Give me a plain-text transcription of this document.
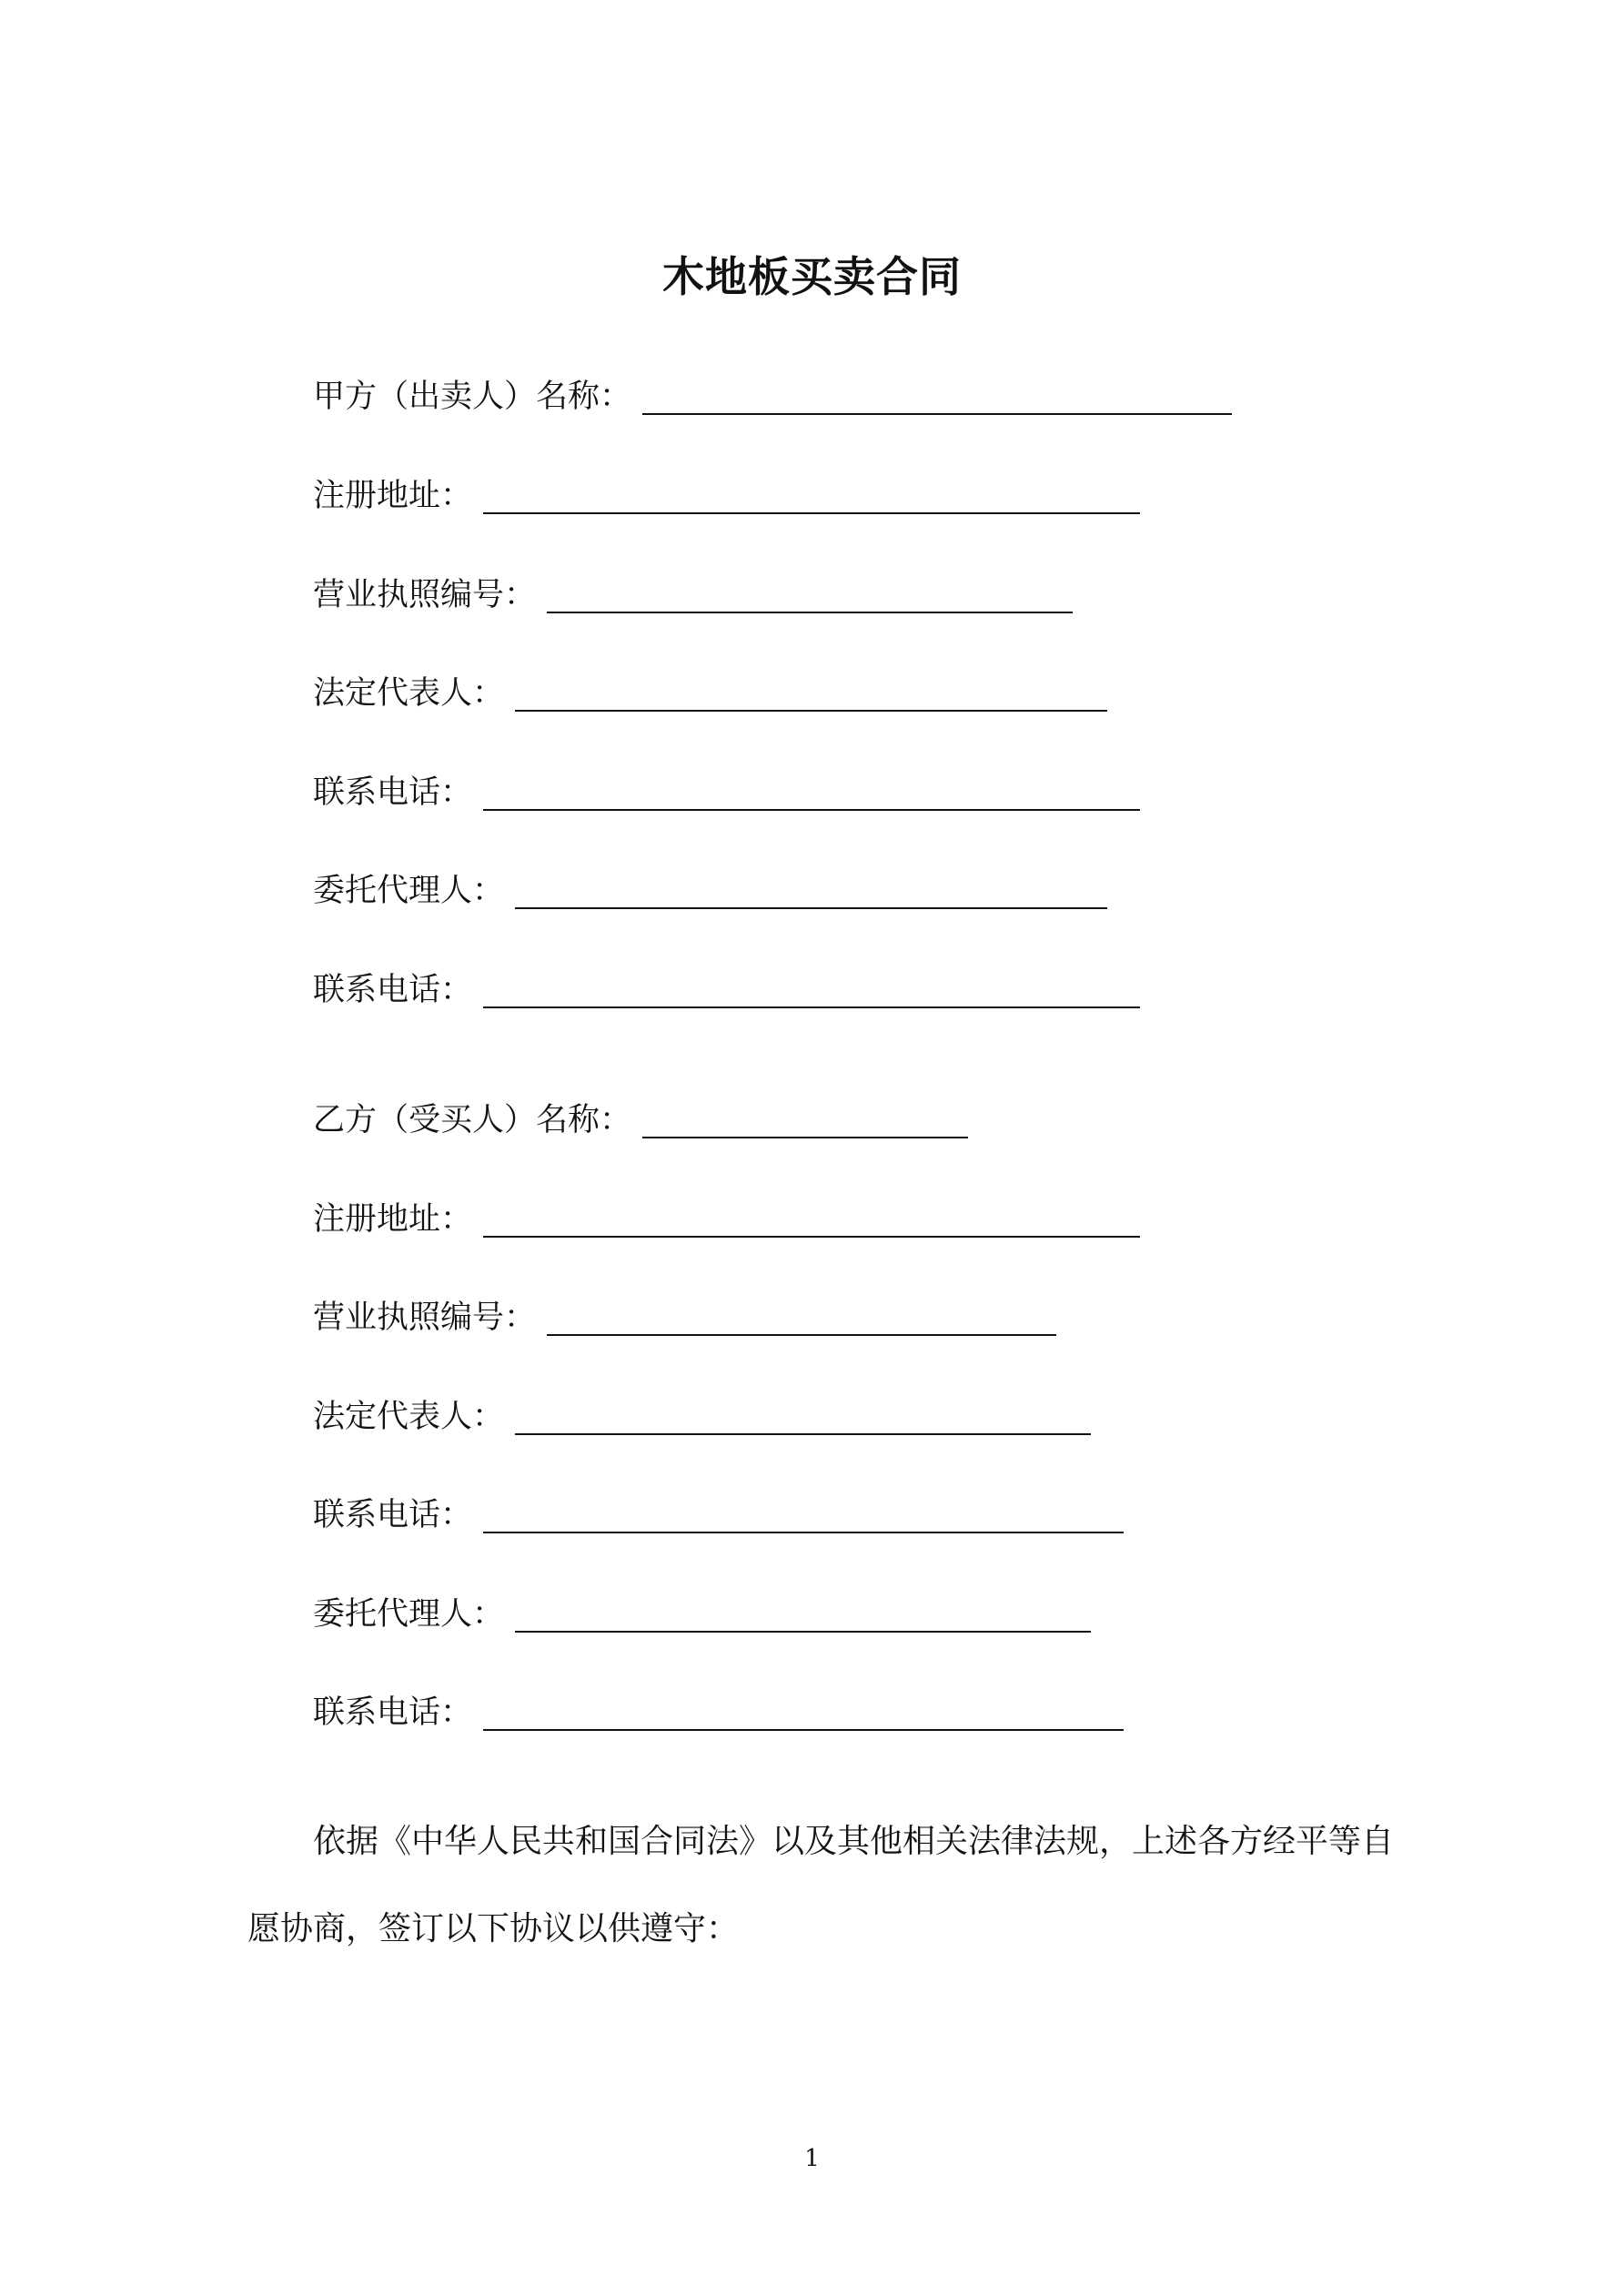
木地板买卖合同
甲方（出卖人）名称：
注册地址：
营业执照编号：
法定代表人：
联系电话：
委托代理人：
联系电话：
乙方（受买人）名称：
注册地址：
营业执照编号：
法定代表人：
联系电话：
委托代理人：
联系电话：
依据《中华人民共和国合同法》以及其他相关法律法规，上述各方经平等自
愿协商，签订以下协议以供遵守：
1
